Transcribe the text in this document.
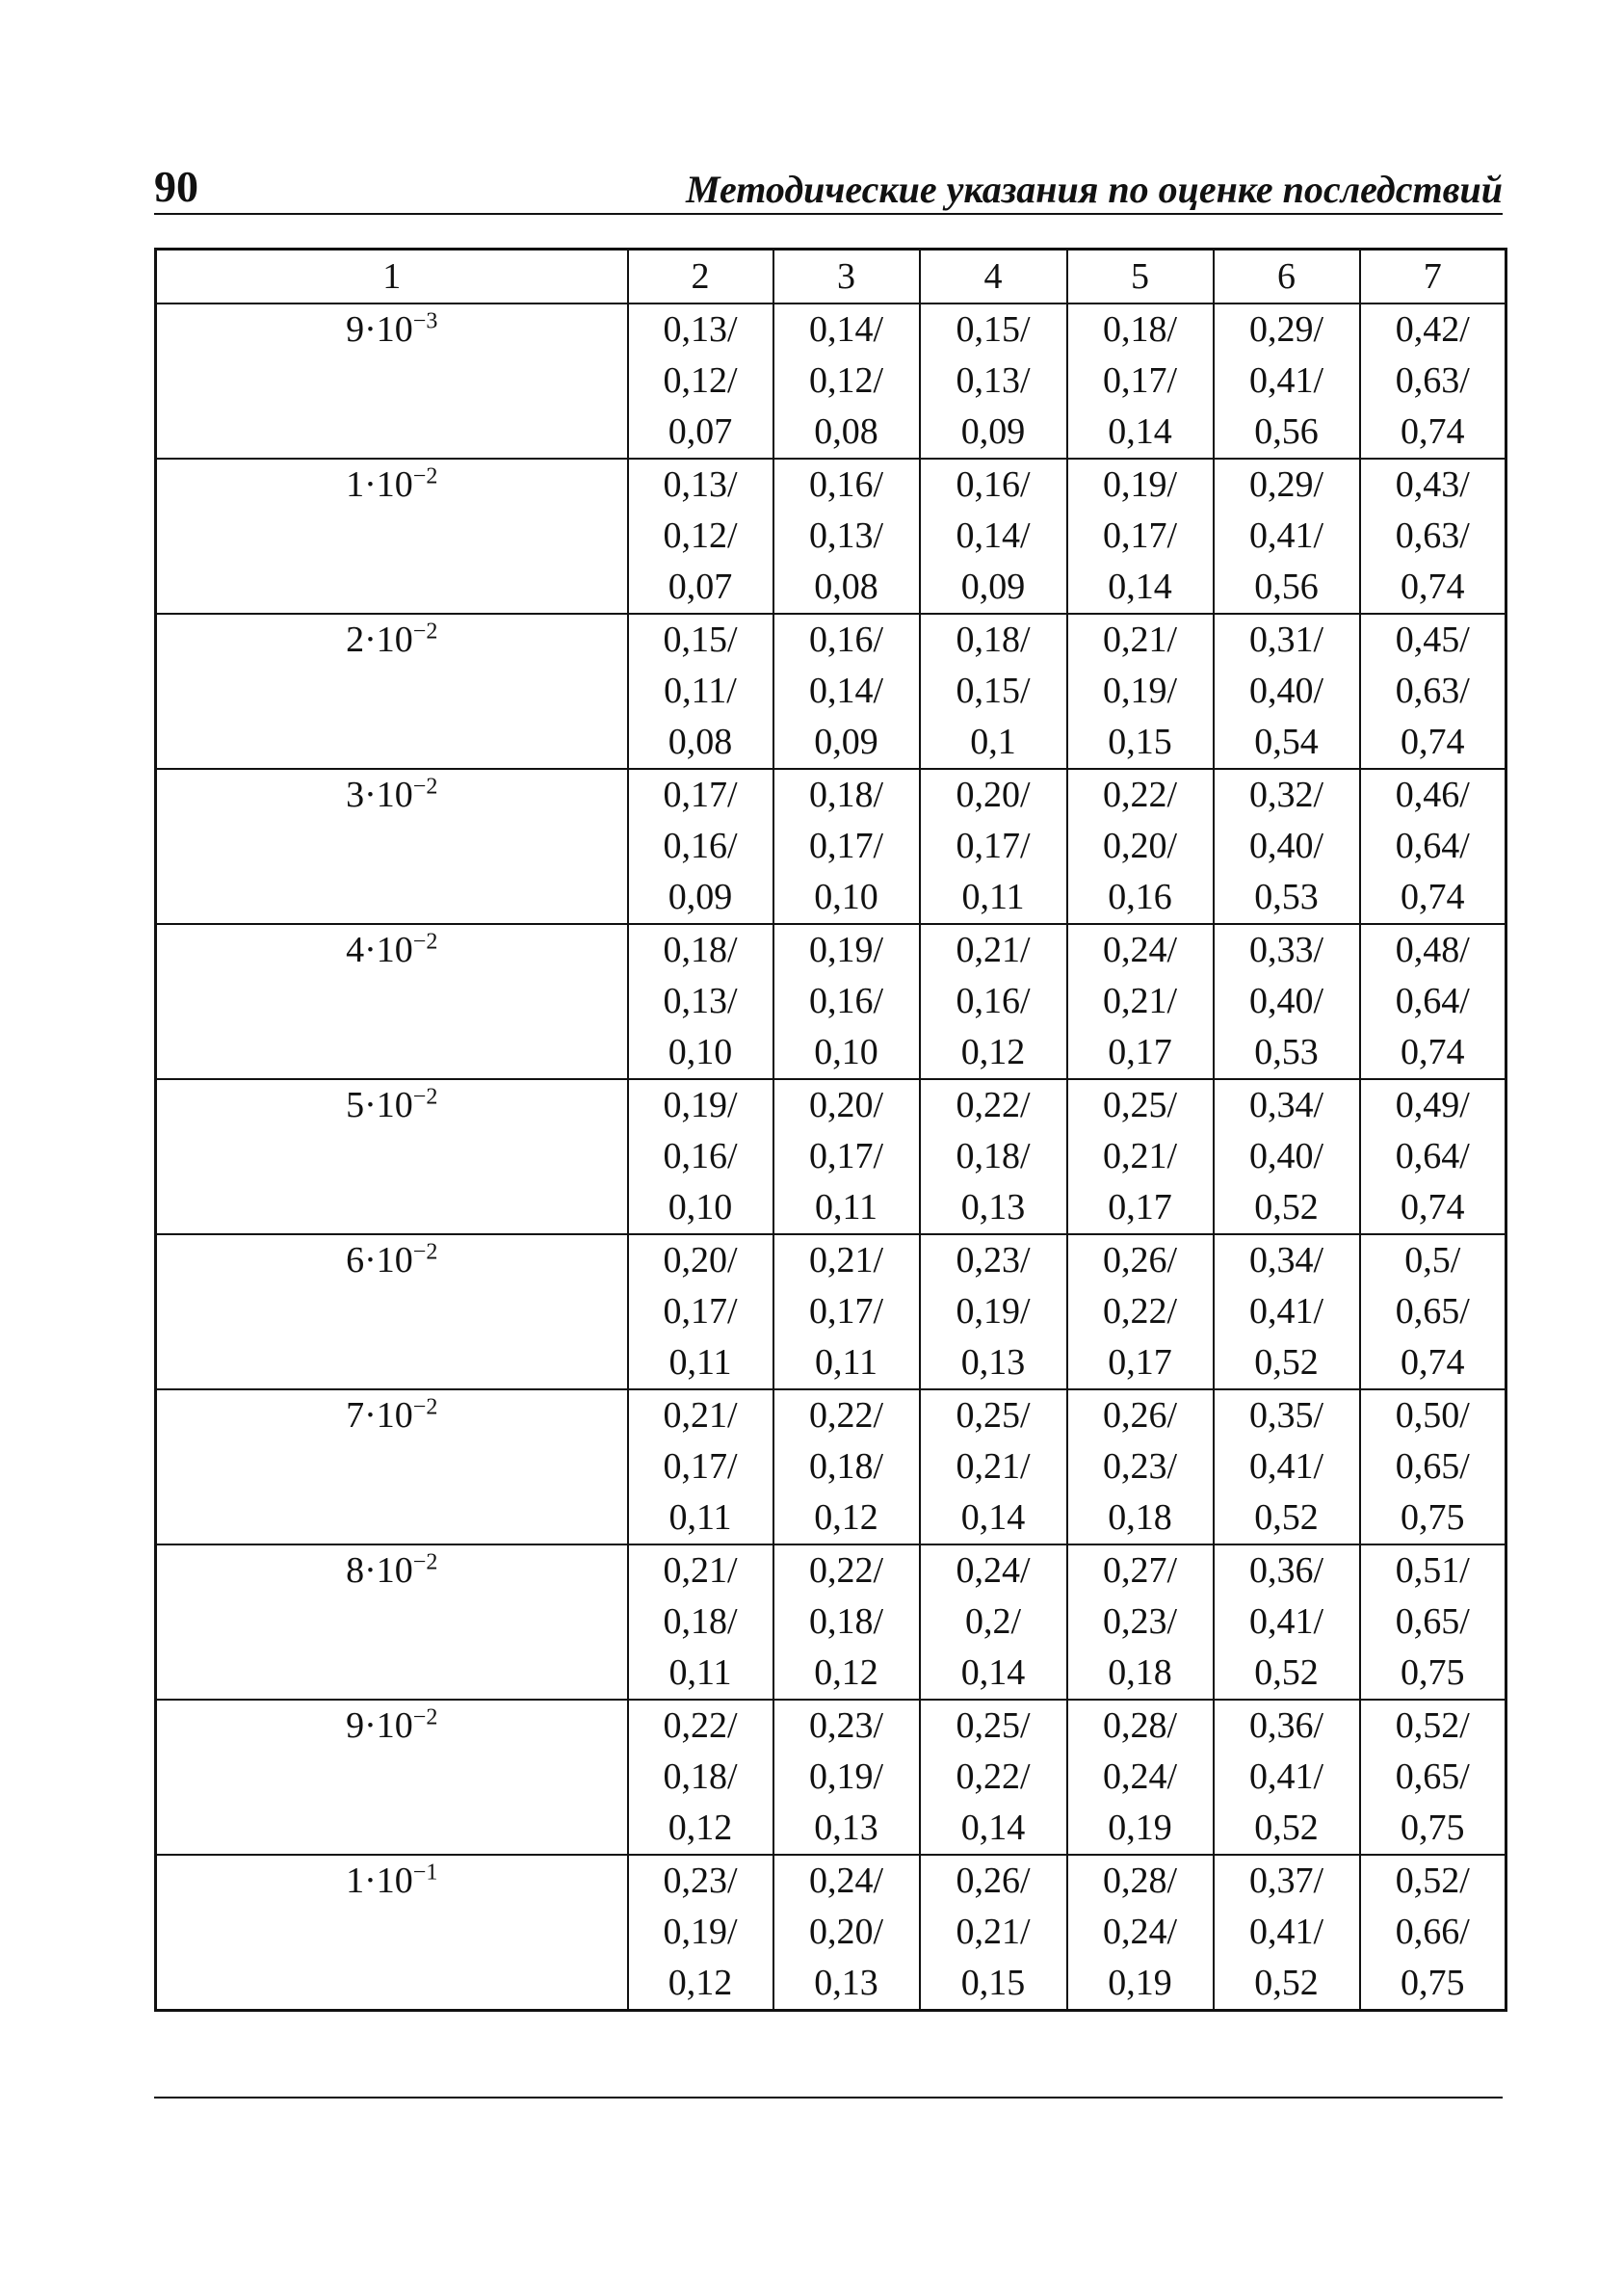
90	Методические указания по оценке последствий
1	2	3	4	5	6	7
$9\cdot 10^{-3}$	0,13/
0,12/
0,07	0,14/
0,12/
0,08	0,15/
0,13/
0,09	0,18/
0,17/
0,14	0,29/
0,41/
0,56	0,42/
0,63/
0,74

$1\cdot 10^{-2}$	0,13/
0,12/
0,07	0,16/
0,13/
0,08	0,16/
0,14/
0,09	0,19/
0,17/
0,14	0,29/
0,41/
0,56	0,43/
0,63/
0,74

$2\cdot 10^{-2}$	0,15/
0,11/
0,08	0,16/
0,14/
0,09	0,18/
0,15/
0,1	0,21/
0,19/
0,15	0,31/
0,40/
0,54	0,45/
0,63/
0,74

$3\cdot 10^{-2}$	0,17/
0,16/
0,09	0,18/
0,17/
0,10	0,20/
0,17/
0,11	0,22/
0,20/
0,16	0,32/
0,40/
0,53	0,46/
0,64/
0,74

$4\cdot 10^{-2}$	0,18/
0,13/
0,10	0,19/
0,16/
0,10	0,21/
0,16/
0,12	0,24/
0,21/
0,17	0,33/
0,40/
0,53	0,48/
0,64/
0,74

$5\cdot 10^{-2}$	0,19/
0,16/
0,10	0,20/
0,17/
0,11	0,22/
0,18/
0,13	0,25/
0,21/
0,17	0,34/
0,40/
0,52	0,49/
0,64/
0,74

$6\cdot 10^{-2}$	0,20/
0,17/
0,11	0,21/
0,17/
0,11	0,23/
0,19/
0,13	0,26/
0,22/
0,17	0,34/
0,41/
0,52	0,5/
0,65/
0,74

$7\cdot 10^{-2}$	0,21/
0,17/
0,11	0,22/
0,18/
0,12	0,25/
0,21/
0,14	0,26/
0,23/
0,18	0,35/
0,41/
0,52	0,50/
0,65/
0,75

$8\cdot 10^{-2}$	0,21/
0,18/
0,11	0,22/
0,18/
0,12	0,24/
0,2/
0,14	0,27/
0,23/
0,18	0,36/
0,41/
0,52	0,51/
0,65/
0,75

$9\cdot 10^{-2}$	0,22/
0,18/
0,12	0,23/
0,19/
0,13	0,25/
0,22/
0,14	0,28/
0,24/
0,19	0,36/
0,41/
0,52	0,52/
0,65/
0,75

$1\cdot 10^{-1}$	0,23/
0,19/
0,12	0,24/
0,20/
0,13	0,26/
0,21/
0,15	0,28/
0,24/
0,19	0,37/
0,41/
0,52	0,52/
0,66/
0,75
